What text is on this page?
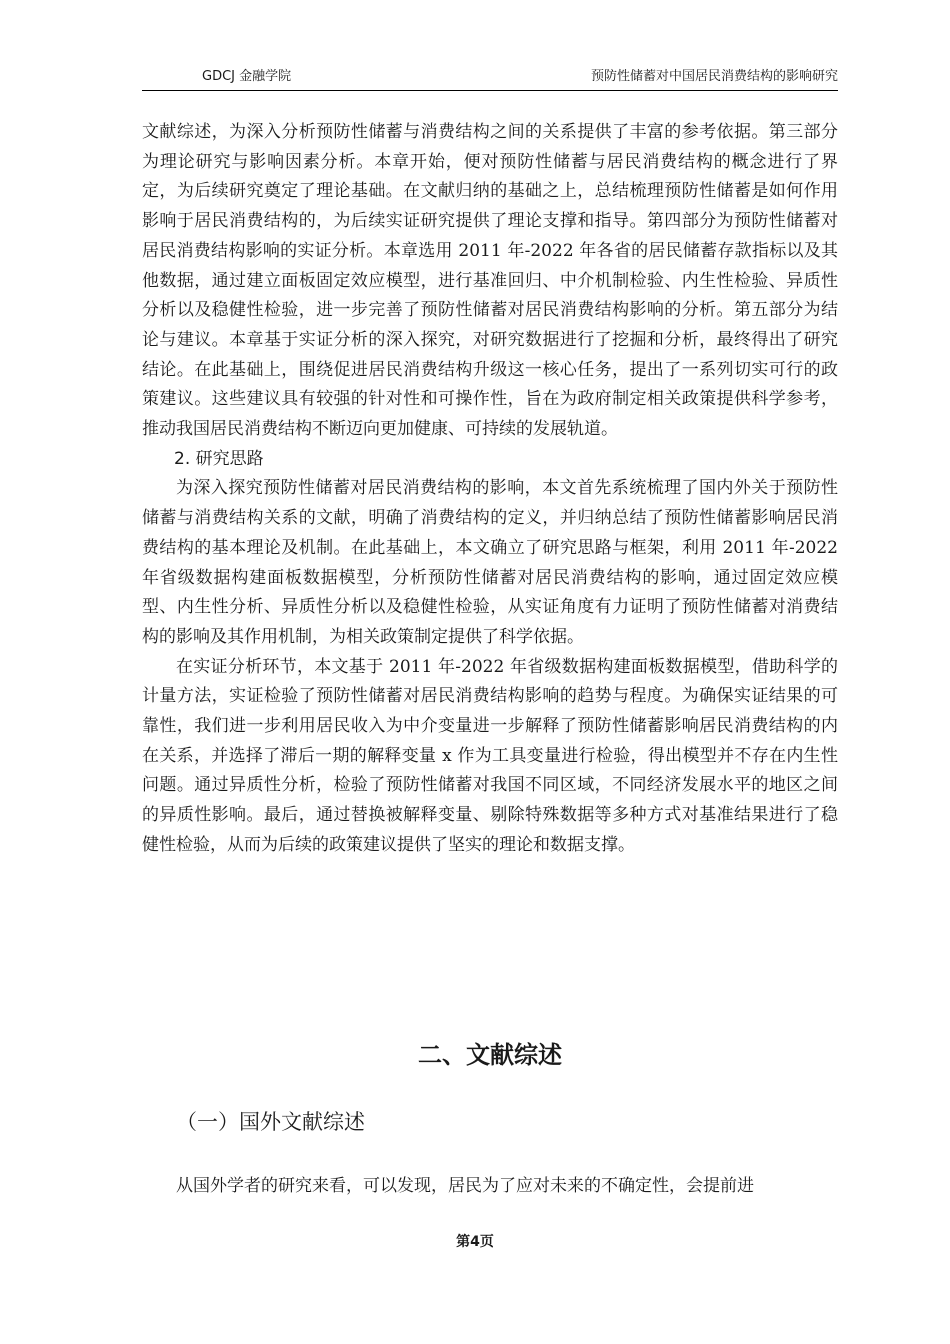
GDCJ 金融学院	预防性储蓄对中国居民消费结构的影响研究

文献综述，为深入分析预防性储蓄与消费结构之间的关系提供了丰富的参考依据。第三部分为理论研究与影响因素分析。本章开始，便对预防性储蓄与居民消费结构的概念进行了界定，为后续研究奠定了理论基础。在文献归纳的基础之上，总结梳理预防性储蓄是如何作用影响于居民消费结构的，为后续实证研究提供了理论支撑和指导。第四部分为预防性储蓄对居民消费结构影响的实证分析。本章选用 2011 年-2022 年各省的居民储蓄存款指标以及其他数据，通过建立面板固定效应模型，进行基准回归、中介机制检验、内生性检验、异质性分析以及稳健性检验，进一步完善了预防性储蓄对居民消费结构影响的分析。第五部分为结论与建议。本章基于实证分析的深入探究，对研究数据进行了挖掘和分析，最终得出了研究结论。在此基础上，围绕促进居民消费结构升级这一核心任务，提出了一系列切实可行的政策建议。这些建议具有较强的针对性和可操作性，旨在为政府制定相关政策提供科学参考，推动我国居民消费结构不断迈向更加健康、可持续的发展轨道。

2. 研究思路

为深入探究预防性储蓄对居民消费结构的影响，本文首先系统梳理了国内外关于预防性储蓄与消费结构关系的文献，明确了消费结构的定义，并归纳总结了预防性储蓄影响居民消费结构的基本理论及机制。在此基础上，本文确立了研究思路与框架，利用 2011 年-2022 年省级数据构建面板数据模型，分析预防性储蓄对居民消费结构的影响，通过固定效应模型、内生性分析、异质性分析以及稳健性检验，从实证角度有力证明了预防性储蓄对消费结构的影响及其作用机制，为相关政策制定提供了科学依据。

在实证分析环节，本文基于 2011 年-2022 年省级数据构建面板数据模型，借助科学的计量方法，实证检验了预防性储蓄对居民消费结构影响的趋势与程度。为确保实证结果的可靠性，我们进一步利用居民收入为中介变量进一步解释了预防性储蓄影响居民消费结构的内在关系，并选择了滞后一期的解释变量 x 作为工具变量进行检验，得出模型并不存在内生性问题。通过异质性分析，检验了预防性储蓄对我国不同区域，不同经济发展水平的地区之间的异质性影响。最后，通过替换被解释变量、剔除特殊数据等多种方式对基准结果进行了稳健性检验，从而为后续的政策建议提供了坚实的理论和数据支撑。

二、文献综述
（一）国外文献综述
从国外学者的研究来看，可以发现，居民为了应对未来的不确定性，会提前进
第4页
